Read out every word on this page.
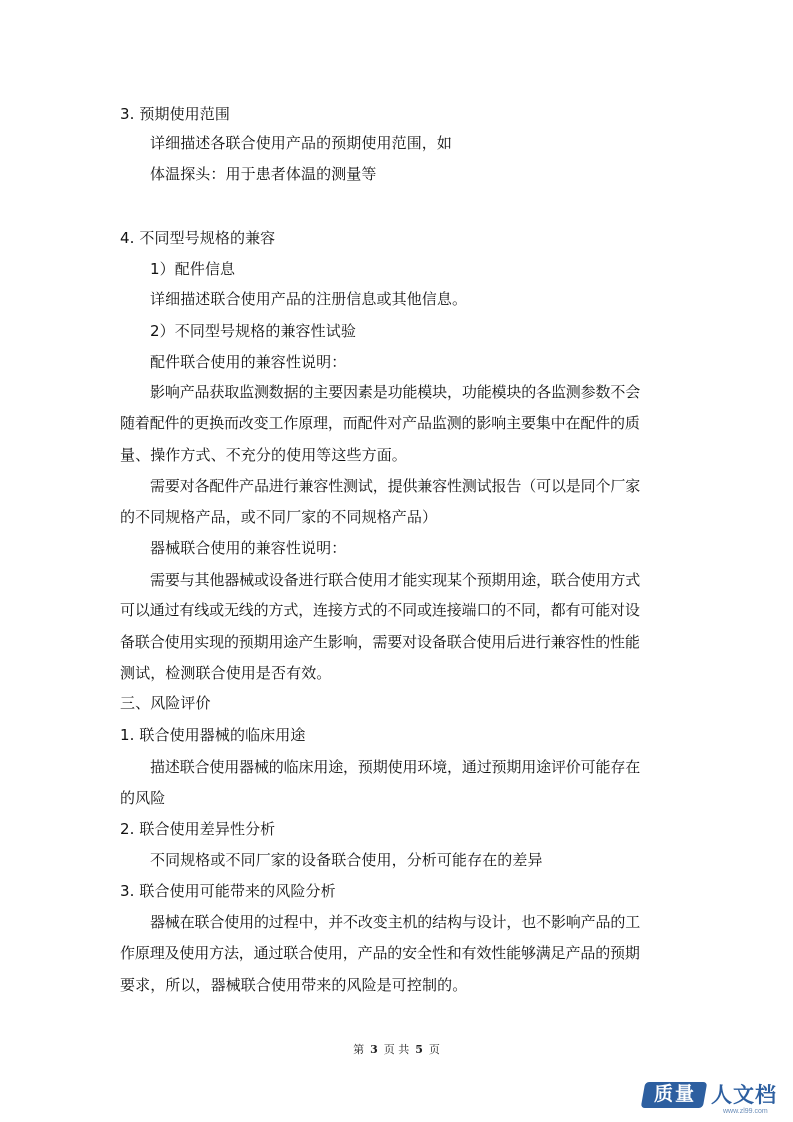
3. 预期使用范围
详细描述各联合使用产品的预期使用范围，如
体温探头：用于患者体温的测量等
4. 不同型号规格的兼容
1）配件信息
详细描述联合使用产品的注册信息或其他信息。
2）不同型号规格的兼容性试验
配件联合使用的兼容性说明：
影响产品获取监测数据的主要因素是功能模块，功能模块的各监测参数不会
随着配件的更换而改变工作原理，而配件对产品监测的影响主要集中在配件的质
量、操作方式、不充分的使用等这些方面。
需要对各配件产品进行兼容性测试，提供兼容性测试报告（可以是同个厂家
的不同规格产品，或不同厂家的不同规格产品）
器械联合使用的兼容性说明：
需要与其他器械或设备进行联合使用才能实现某个预期用途，联合使用方式
可以通过有线或无线的方式，连接方式的不同或连接端口的不同，都有可能对设
备联合使用实现的预期用途产生影响，需要对设备联合使用后进行兼容性的性能
测试，检测联合使用是否有效。
三、风险评价
1. 联合使用器械的临床用途
描述联合使用器械的临床用途，预期使用环境，通过预期用途评价可能存在
的风险
2. 联合使用差异性分析
不同规格或不同厂家的设备联合使用，分析可能存在的差异
3. 联合使用可能带来的风险分析
器械在联合使用的过程中，并不改变主机的结构与设计，也不影响产品的工
作原理及使用方法，通过联合使用，产品的安全性和有效性能够满足产品的预期
要求，所以，器械联合使用带来的风险是可控制的。
第 3 页 共 5 页
质量 人文档
www.zl99.com
